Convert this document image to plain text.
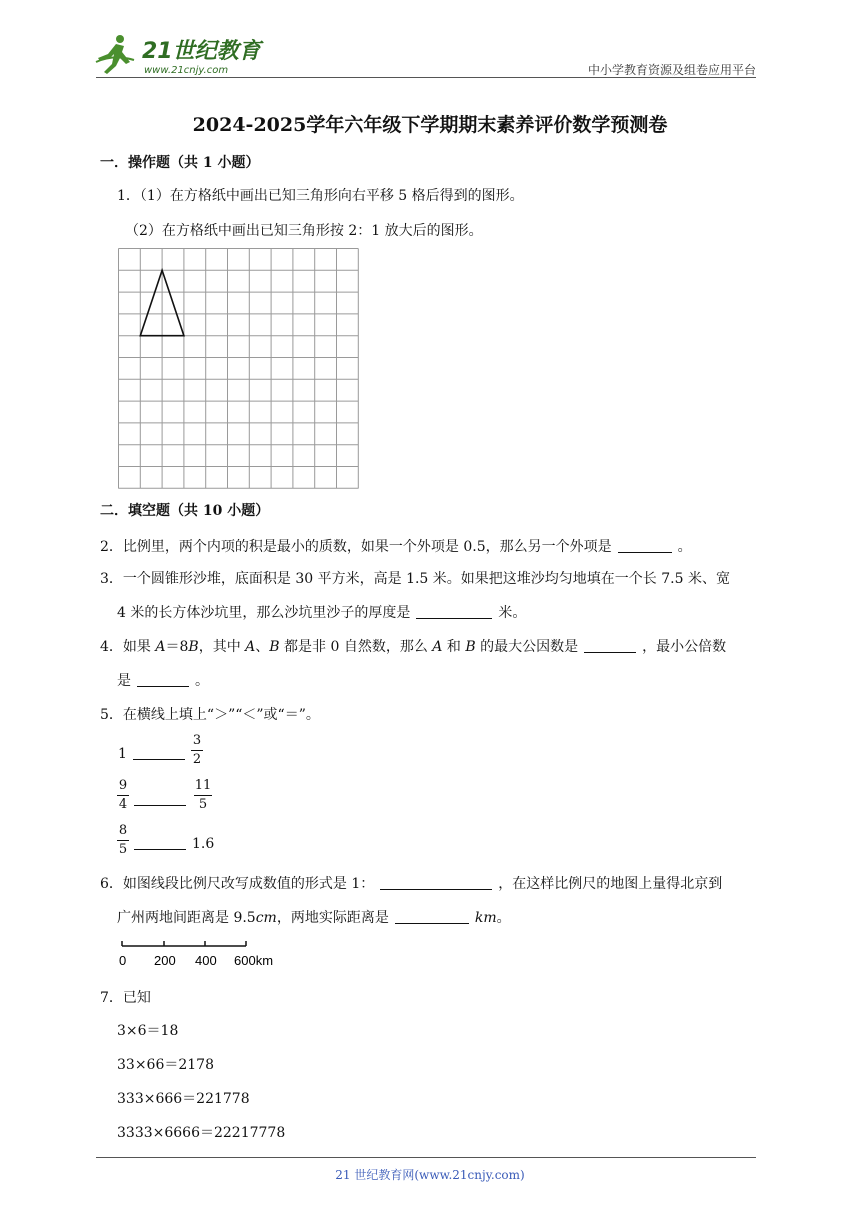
21世纪教育
www.21cnjy.com	中小学教育资源及组卷应用平台
2024-2025学年六年级下学期期末素养评价数学预测卷
一．操作题（共 1 小题）
1．（1）在方格纸中画出已知三角形向右平移 5 格后得到的图形。
（2）在方格纸中画出已知三角形按 2：1 放大后的图形。
二．填空题（共 10 小题）
2．比例里，两个内项的积是最小的质数，如果一个外项是 0.5，那么另一个外项是	。
3．一个圆锥形沙堆，底面积是 30 平方米，高是 1.5 米。如果把这堆沙均匀地填在一个长 7.5 米、宽
4 米的长方体沙坑里，那么沙坑里沙子的厚度是	米。
4．如果 A＝8B，其中 A、B 都是非 0 自然数，那么 A 和 B 的最大公因数是	，最小公倍数
是	。
5．在横线上填上“＞”“＜”或“＝”。
1
3
2
9
4
11
5
8
5	1.6
6．如图线段比例尺改写成数值的形式是 1：	，在这样比例尺的地图上量得北京到
广州两地间距离是 9.5cm，两地实际距离是	km。
0 200 400 600km
7．已知
3×6＝18
33×66＝2178
333×666＝221778
3333×6666＝22217778
21 世纪教育网(www.21cnjy.com)
